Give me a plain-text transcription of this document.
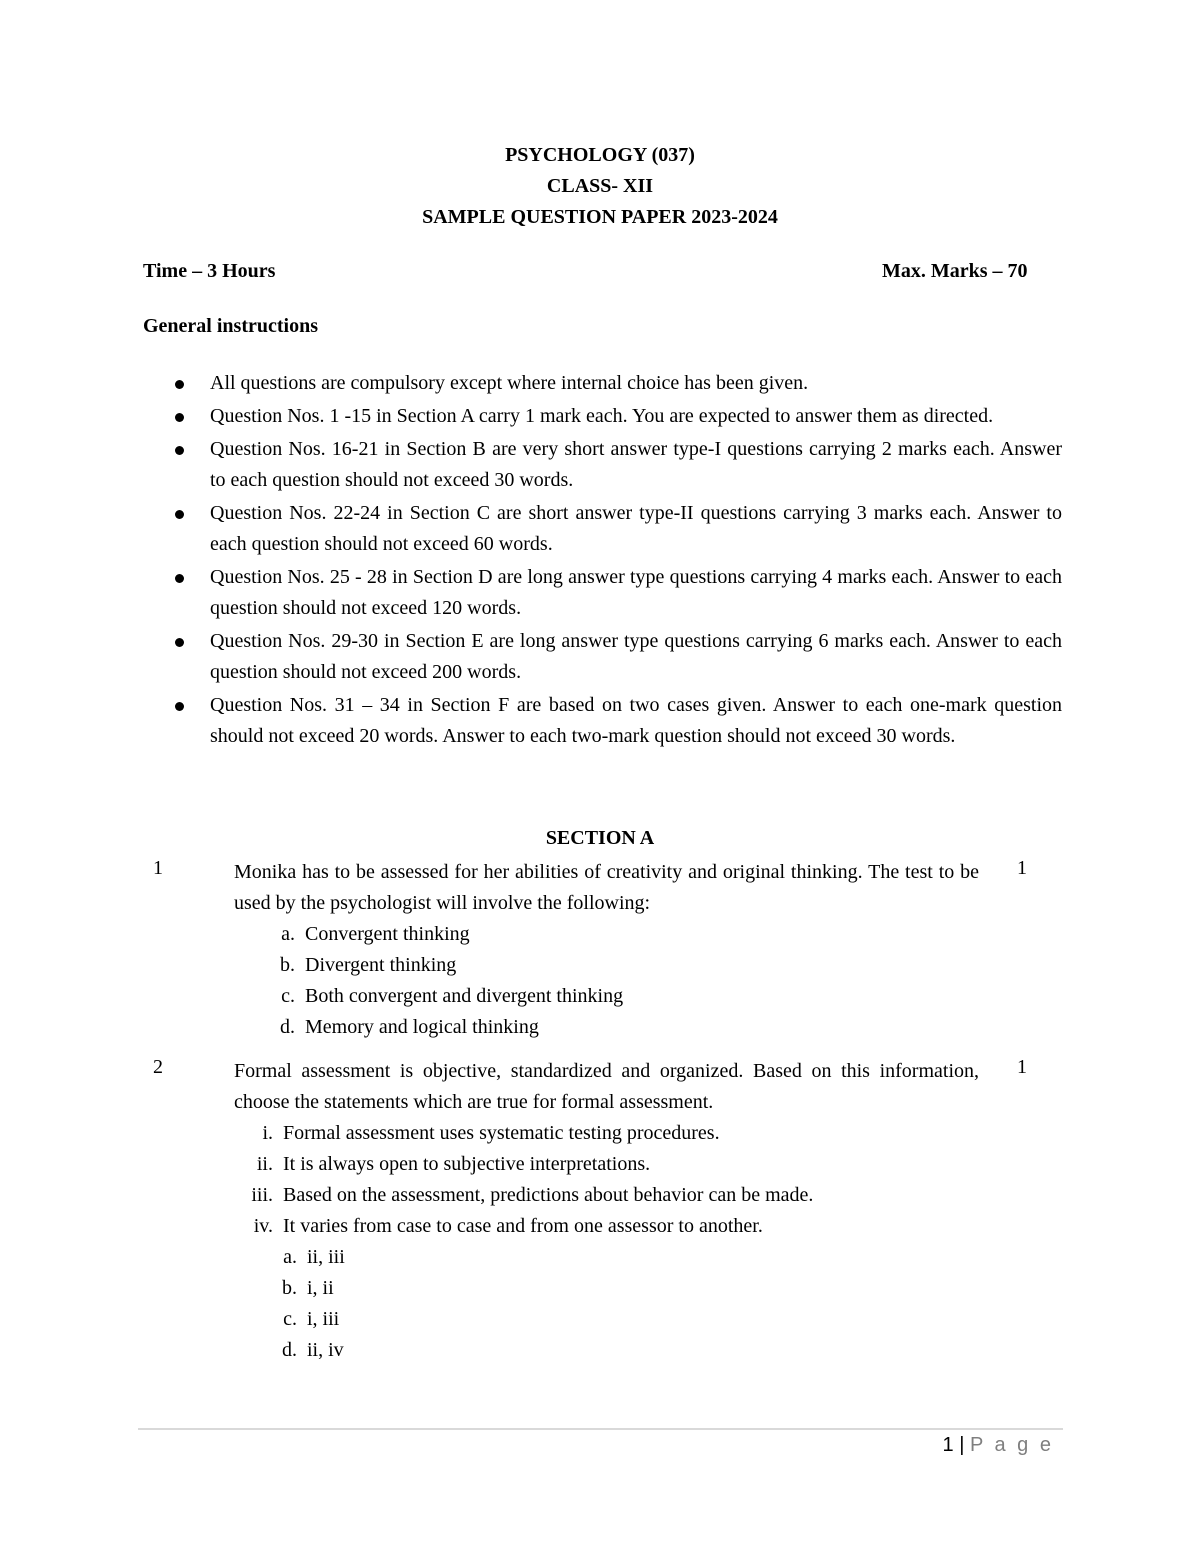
PSYCHOLOGY (037)
CLASS- XII
SAMPLE QUESTION PAPER 2023-2024
Time – 3 Hours	Max. Marks – 70
General instructions
All questions are compulsory except where internal choice has been given.
Question Nos. 1 -15 in Section A carry 1 mark each. You are expected to answer them as directed.
Question Nos. 16-21 in Section B are very short answer type-I questions carrying 2 marks each. Answer to each question should not exceed 30 words.
Question Nos. 22-24 in Section C are short answer type-II questions carrying 3 marks each. Answer to each question should not exceed 60 words.
Question Nos. 25 - 28 in Section D are long answer type questions carrying 4 marks each. Answer to each question should not exceed 120 words.
Question Nos. 29-30 in Section E are long answer type questions carrying 6 marks each. Answer to each question should not exceed 200 words.
Question Nos. 31 – 34 in Section F are based on two cases given. Answer to each one-mark question should not exceed 20 words. Answer to each two-mark question should not exceed 30 words.
SECTION A
1	Monika has to be assessed for her abilities of creativity and original thinking. The test to be used by the psychologist will involve the following:
1
a. Convergent thinking
b. Divergent thinking
c. Both convergent and divergent thinking
d. Memory and logical thinking
2	Formal assessment is objective, standardized and organized. Based on this information, choose the statements which are true for formal assessment.
1
i. Formal assessment uses systematic testing procedures.
ii. It is always open to subjective interpretations.
iii. Based on the assessment, predictions about behavior can be made.
iv. It varies from case to case and from one assessor to another.
a. ii, iii
b. i, ii
c. i, iii
d. ii, iv
1 | P a g e
